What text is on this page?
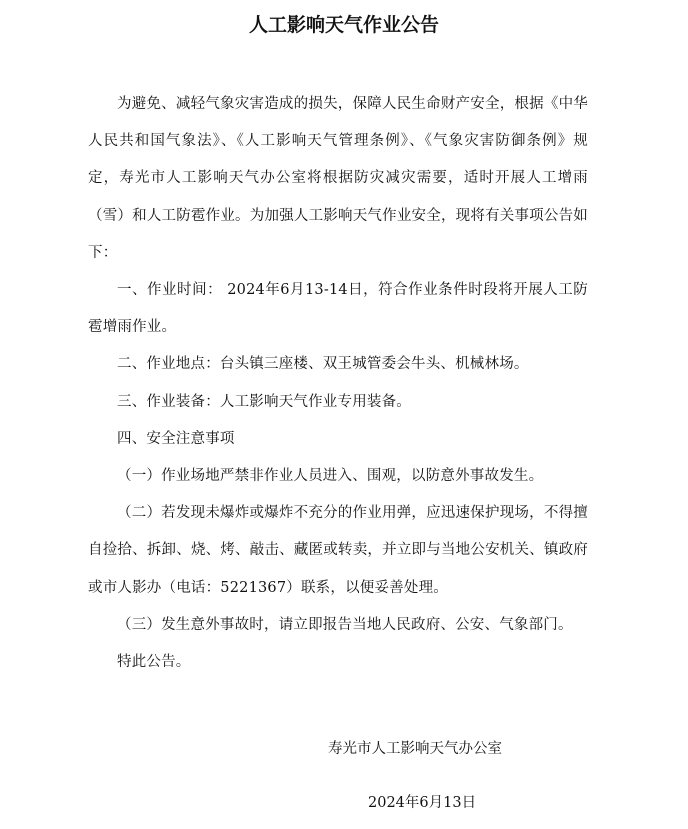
人工影响天气作业公告

为避免、减轻气象灾害造成的损失，保障人民生命财产安全，根据《中华人民共和国气象法》、《人工影响天气管理条例》、《气象灾害防御条例》规定，寿光市人工影响天气办公室将根据防灾减灾需要，适时开展人工增雨（雪）和人工防雹作业。为加强人工影响天气作业安全，现将有关事项公告如下：

一、作业时间： 2024年6月13-14日，符合作业条件时段将开展人工防雹增雨作业。

二、作业地点：台头镇三座楼、双王城管委会牛头、机械林场。

三、作业装备：人工影响天气作业专用装备。

四、安全注意事项

（一）作业场地严禁非作业人员进入、围观，以防意外事故发生。

（二）若发现未爆炸或爆炸不充分的作业用弹，应迅速保护现场，不得擅自捡拾、拆卸、烧、烤、敲击、藏匿或转卖，并立即与当地公安机关、镇政府或市人影办（电话：5221367）联系，以便妥善处理。

（三）发生意外事故时，请立即报告当地人民政府、公安、气象部门。

特此公告。

寿光市人工影响天气办公室
2024年6月13日
